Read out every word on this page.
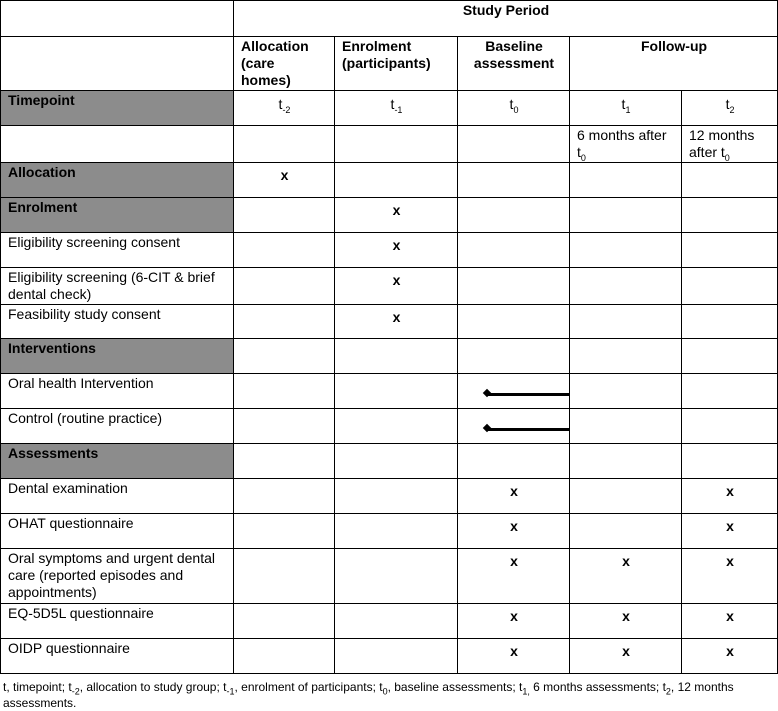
	Study Period				
	Allocation (care homes)	Enrolment (participants)	Baseline assessment	Follow-up	
Timepoint	$t_{-2}$	$t_{-1}$	$t_0$	$t_1$	$t_2$
				6 months after $t_0$	12 months after $t_0$
Allocation	x				
Enrolment		x			
Eligibility screening consent		x			
Eligibility screening (6-CIT & brief dental check)		x			
Feasibility study consent		x			
Interventions					
Oral health Intervention			

Control (routine practice)			

Assessments					
Dental examination			x		x
OHAT questionnaire			x		x
Oral symptoms and urgent dental care (reported episodes and appointments)			x	x	x
EQ-5D5L questionnaire			x	x	x
OIDP questionnaire			x	x	x
t, timepoint; $t_{-2}$, allocation to study group; $t_{-1}$, enrolment of participants; $t_0$, baseline assessments; $t_{1,}$ 6 months assessments; $t_2$, 12 months assessments.
